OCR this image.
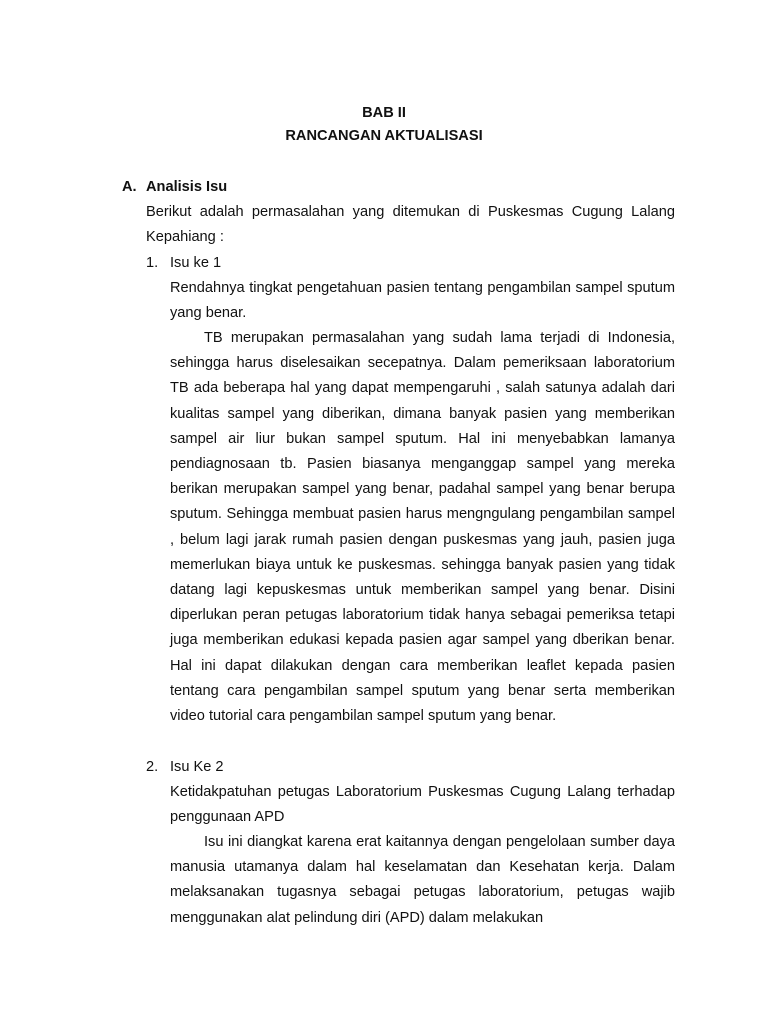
BAB II
RANCANGAN AKTUALISASI
A. Analisis Isu

Berikut adalah permasalahan yang ditemukan di Puskesmas Cugung Lalang Kepahiang :

1. Isu ke 1

Rendahnya tingkat pengetahuan pasien tentang pengambilan sampel sputum yang benar.

TB merupakan permasalahan yang sudah lama terjadi di Indonesia, sehingga harus diselesaikan secepatnya. Dalam pemeriksaan laboratorium TB ada beberapa hal yang dapat mempengaruhi , salah satunya adalah dari kualitas sampel yang diberikan, dimana banyak pasien yang memberikan sampel air liur bukan sampel sputum. Hal ini menyebabkan lamanya pendiagnosaan tb. Pasien biasanya menganggap sampel yang mereka berikan merupakan sampel yang benar, padahal sampel yang benar berupa sputum. Sehingga membuat pasien harus mengngulang pengambilan sampel , belum lagi jarak rumah pasien dengan puskesmas yang jauh, pasien juga memerlukan biaya untuk ke puskesmas. sehingga banyak pasien yang tidak datang lagi kepuskesmas untuk memberikan sampel yang benar. Disini diperlukan peran petugas laboratorium tidak hanya sebagai pemeriksa tetapi juga memberikan edukasi kepada pasien agar sampel yang dberikan benar. Hal ini dapat dilakukan dengan cara memberikan leaflet kepada pasien tentang cara pengambilan sampel sputum yang benar serta memberikan video tutorial cara pengambilan sampel sputum yang benar.

2. Isu Ke 2

Ketidakpatuhan petugas Laboratorium Puskesmas Cugung Lalang terhadap penggunaan APD

Isu ini diangkat karena erat kaitannya dengan pengelolaan sumber daya manusia utamanya dalam hal keselamatan dan Kesehatan kerja. Dalam melaksanakan tugasnya sebagai petugas laboratorium, petugas wajib menggunakan alat pelindung diri (APD) dalam melakukan
